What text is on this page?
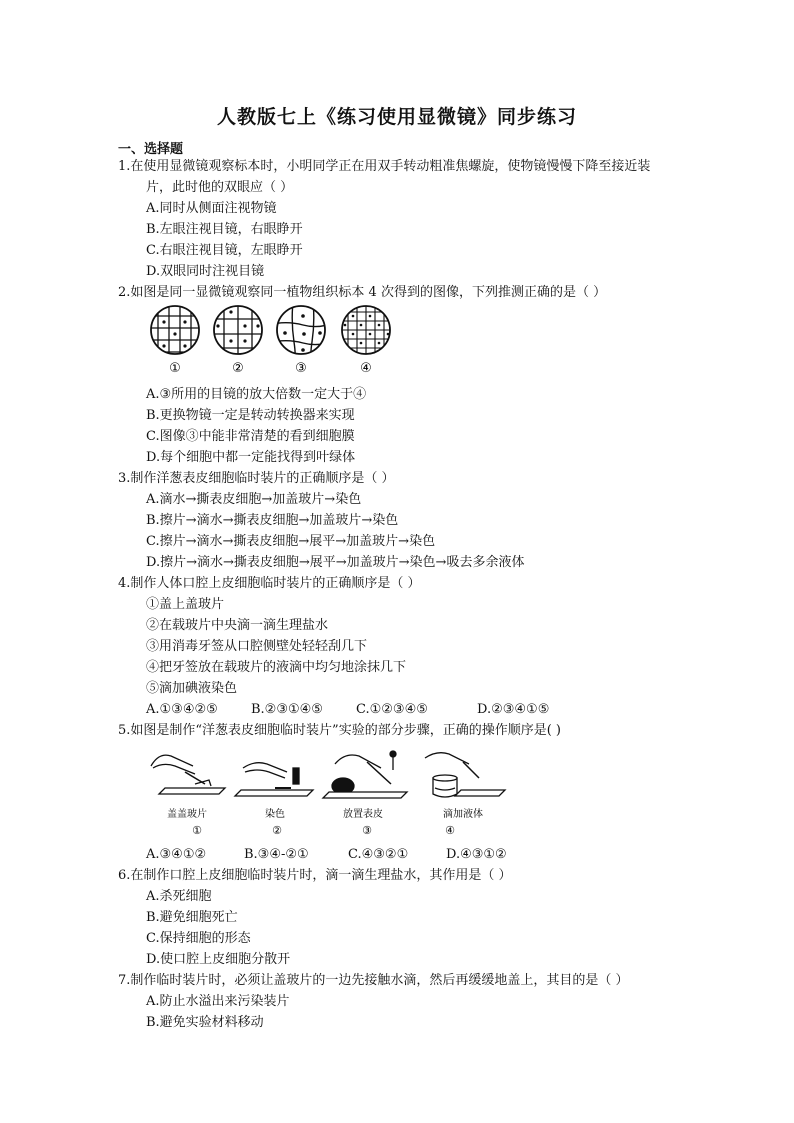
人教版七上《练习使用显微镜》同步练习
一、选择题
1.在使用显微镜观察标本时，小明同学正在用双手转动粗准焦螺旋，使物镜慢慢下降至接近装
片，此时他的双眼应（ ）
A.同时从侧面注视物镜
B.左眼注视目镜，右眼睁开
C.右眼注视目镜，左眼睁开
D.双眼同时注视目镜
2.如图是同一显微镜观察同一植物组织标本 4 次得到的图像，下列推测正确的是（ ）
①	②	③	④
A.③所用的目镜的放大倍数一定大于④
B.更换物镜一定是转动转换器来实现
C.图像③中能非常清楚的看到细胞膜
D.每个细胞中都一定能找得到叶绿体
3.制作洋葱表皮细胞临时装片的正确顺序是（ ）
A.滴水→撕表皮细胞→加盖玻片→染色
B.擦片→滴水→撕表皮细胞→加盖玻片→染色
C.擦片→滴水→撕表皮细胞→展平→加盖玻片→染色
D.擦片→滴水→撕表皮细胞→展平→加盖玻片→染色→吸去多余液体
4.制作人体口腔上皮细胞临时装片的正确顺序是（ ）
①盖上盖玻片
②在载玻片中央滴一滴生理盐水
③用消毒牙签从口腔侧壁处轻轻刮几下
④把牙签放在载玻片的液滴中均匀地涂抹几下
⑤滴加碘液染色
A.①③④②⑤	B.②③①④⑤	C.①②③④⑤	D.②③④①⑤
5.如图是制作“洋葱表皮细胞临时装片”实验的部分步骤，正确的操作顺序是( )
盖盖玻片	染色	放置表皮	滴加液体
①	②	③	④
A.③④①②	B.③④-②①	C.④③②①	D.④③①②
6.在制作口腔上皮细胞临时装片时，滴一滴生理盐水，其作用是（ ）
A.杀死细胞
B.避免细胞死亡
C.保持细胞的形态
D.使口腔上皮细胞分散开
7.制作临时装片时，必须让盖玻片的一边先接触水滴，然后再缓缓地盖上，其目的是（ ）
A.防止水溢出来污染装片
B.避免实验材料移动
